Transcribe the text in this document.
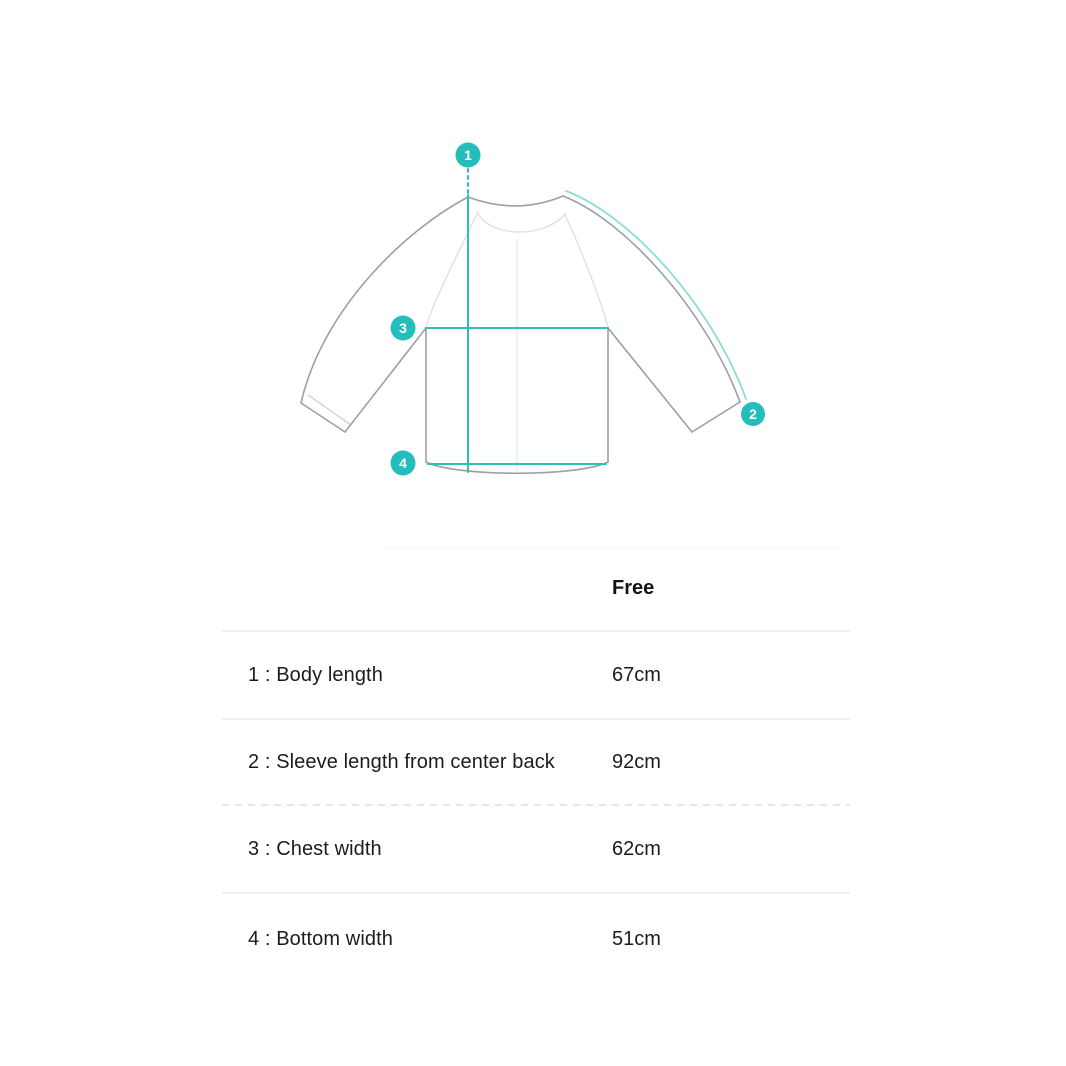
1
2
3
4
Free
1 : Body length	67cm
2 : Sleeve length from center back	92cm
3 : Chest width	62cm
4 : Bottom width	51cm
